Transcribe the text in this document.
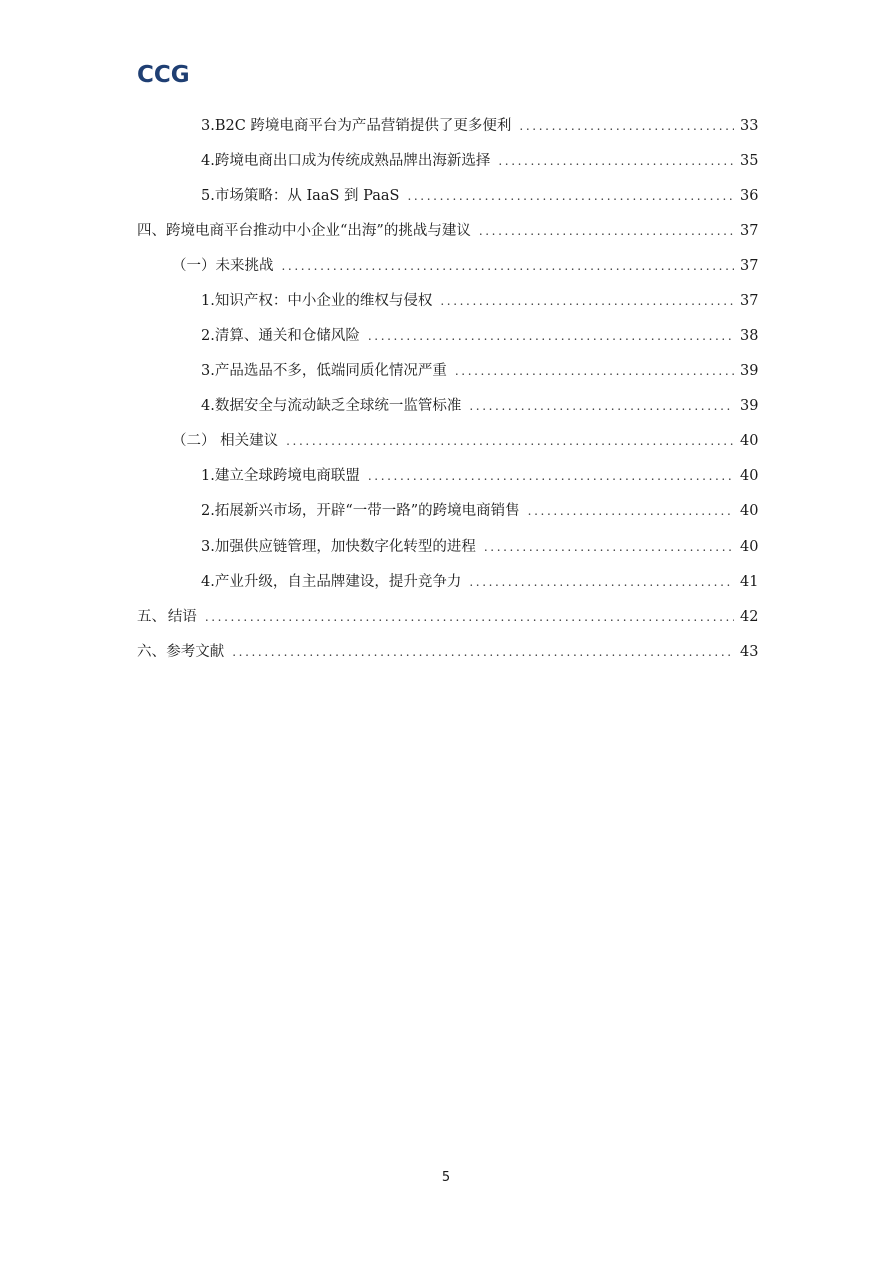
CCG
3.B2C 跨境电商平台为产品营销提供了更多便利 . . .	33
4.跨境电商出口成为传统成熟品牌出海新选择 . . .	35
5.市场策略：从 IaaS 到 PaaS . . .	36
四、 跨境电商平台推动中小企业“出海”的挑战与建议 . . .	37
（一）未来挑战 . . .	37
1.知识产权：中小企业的维权与侵权 . . .	37
2.清算、通关和仓储风险 . . .	38
3.产品选品不多，低端同质化情况严重 . . .	39
4.数据安全与流动缺乏全球统一监管标准 . . .	39
（二） 相关建议 . . .	40
1.建立全球跨境电商联盟 . . .	40
2.拓展新兴市场，开辟“一带一路”的跨境电商销售 . . .	40
3.加强供应链管理，加快数字化转型的进程 . . .	40
4.产业升级，自主品牌建设，提升竞争力 . . .	41
五、 结语 . . .	42
六、 参考文献 . . .	43
5
